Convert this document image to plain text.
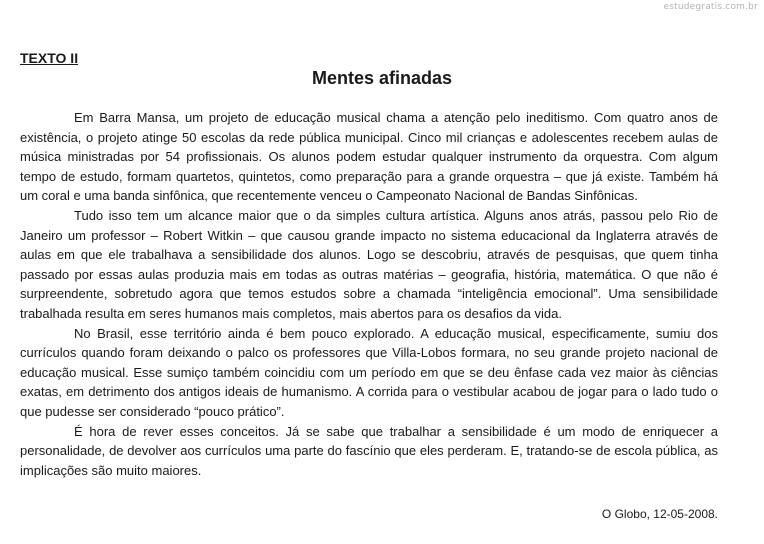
estudegratis.com.br
TEXTO II
Mentes afinadas

Em Barra Mansa, um projeto de educação musical chama a atenção pelo ineditismo. Com quatro anos de existência, o projeto atinge 50 escolas da rede pública municipal. Cinco mil crianças e adolescentes recebem aulas de música ministradas por 54 profissionais. Os alunos podem estudar qualquer instrumento da orquestra. Com algum tempo de estudo, formam quartetos, quintetos, como preparação para a grande orquestra – que já existe. Também há um coral e uma banda sinfônica, que recentemente venceu o Campeonato Nacional de Bandas Sinfônicas.

Tudo isso tem um alcance maior que o da simples cultura artística. Alguns anos atrás, passou pelo Rio de Janeiro um professor – Robert Witkin – que causou grande impacto no sistema educacional da Inglaterra através de aulas em que ele trabalhava a sensibilidade dos alunos. Logo se descobriu, através de pesquisas, que quem tinha passado por essas aulas produzia mais em todas as outras matérias – geografia, história, matemática. O que não é surpreendente, sobretudo agora que temos estudos sobre a chamada “inteligência emocional”. Uma sensibilidade trabalhada resulta em seres humanos mais completos, mais abertos para os desafios da vida.

No Brasil, esse território ainda é bem pouco explorado. A educação musical, especificamente, sumiu dos currículos quando foram deixando o palco os professores que Villa-Lobos formara, no seu grande projeto nacional de educação musical. Esse sumiço também coincidiu com um período em que se deu ênfase cada vez maior às ciências exatas, em detrimento dos antigos ideais de humanismo. A corrida para o vestibular acabou de jogar para o lado tudo o que pudesse ser considerado “pouco prático”.

É hora de rever esses conceitos. Já se sabe que trabalhar a sensibilidade é um modo de enriquecer a personalidade, de devolver aos currículos uma parte do fascínio que eles perderam. E, tratando-se de escola pública, as implicações são muito maiores.

O Globo, 12-05-2008.
